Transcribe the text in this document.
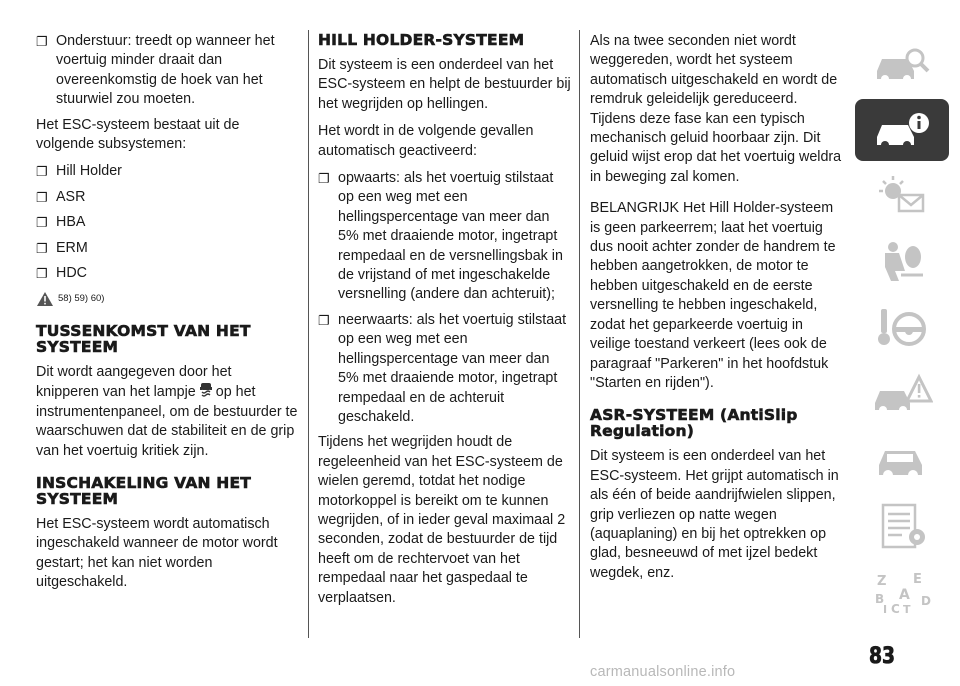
❐ Onderstuur: treedt op wanneer het voertuig minder draait dan overeenkomstig de hoek van het stuurwiel zou moeten.

Het ESC-systeem bestaat uit de volgende subsystemen:

❐ Hill Holder
❐ ASR
❐ HBA
❐ ERM
❐ HDC
58) 59) 60)
TUSSENKOMST VAN HET SYSTEEM

Dit wordt aangegeven door het knipperen van het lampje op het instrumentenpaneel, om de bestuurder te waarschuwen dat de stabiliteit en de grip van het voertuig kritiek zijn.

INSCHAKELING VAN HET SYSTEEM

Het ESC-systeem wordt automatisch ingeschakeld wanneer de motor wordt gestart; het kan niet worden uitgeschakeld.

HILL HOLDER-SYSTEEM

Dit systeem is een onderdeel van het ESC-systeem en helpt de bestuurder bij het wegrijden op hellingen.

Het wordt in de volgende gevallen automatisch geactiveerd:

❐ opwaarts: als het voertuig stilstaat op een weg met een hellingspercentage van meer dan 5% met draaiende motor, ingetrapt rempedaal en de versnellingsbak in de vrijstand of met ingeschakelde versnelling (andere dan achteruit);
❐ neerwaarts: als het voertuig stilstaat op een weg met een hellingspercentage van meer dan 5% met draaiende motor, ingetrapt rempedaal en de achteruit geschakeld.

Tijdens het wegrijden houdt de regeleenheid van het ESC-systeem de wielen geremd, totdat het nodige motorkoppel is bereikt om te kunnen wegrijden, of in ieder geval maximaal 2 seconden, zodat de bestuurder de tijd heeft om de rechtervoet van het rempedaal naar het gaspedaal te verplaatsen.

Als na twee seconden niet wordt weggereden, wordt het systeem automatisch uitgeschakeld en wordt de remdruk geleidelijk gereduceerd. Tijdens deze fase kan een typisch mechanisch geluid hoorbaar zijn. Dit geluid wijst erop dat het voertuig weldra in beweging zal komen.

BELANGRIJK Het Hill Holder-systeem is geen parkeerrem; laat het voertuig dus nooit achter zonder de handrem te hebben aangetrokken, de motor te hebben uitgeschakeld en de eerste versnelling te hebben ingeschakeld, zodat het geparkeerde voertuig in veilige toestand verkeert (lees ook de paragraaf "Parkeren" in het hoofdstuk "Starten en rijden").

ASR-SYSTEEM (AntiSlip Regulation)

Dit systeem is een onderdeel van het ESC-systeem. Het grijpt automatisch in als één of beide aandrijfwielen slippen, grip verliezen op natte wegen (aquaplaning) en bij het optrekken op glad, besneeuwd of met ijzel bedekt wegdek, enz.

Z E
A
B	D
I C T
83
carmanualsonline.info
